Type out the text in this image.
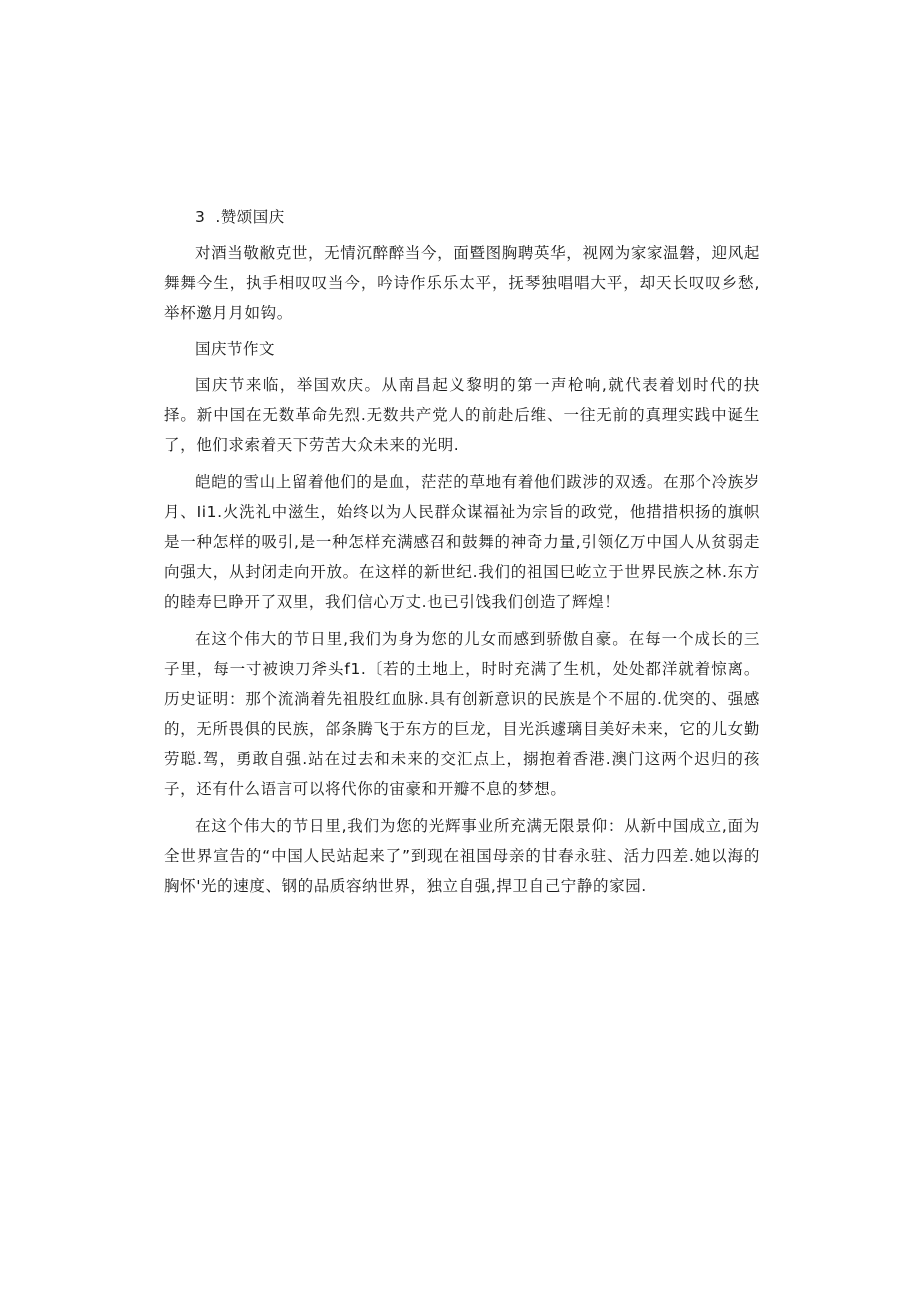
3 .赞颂国庆

对酒当敬敝克世，无情沉醉醉当今，面暨图胸聘英华，视网为家家温磐，迎风起舞舞今生，执手相叹叹当今，吟诗作乐乐太平，抚琴独唱唱大平，却天长叹叹乡愁,举杯邀月月如钩。

国庆节作文

国庆节来临，举国欢庆。从南昌起义黎明的第一声枪响,就代表着划时代的抉择。新中国在无数革命先烈.无数共产党人的前赴后维、一往无前的真理实践中诞生了，他们求索着天下劳苦大众未来的光明.

皑皑的雪山上留着他们的是血，茫茫的草地有着他们跋涉的双透。在那个冷族岁月、Ii1.火洗礼中滋生，始终以为人民群众谋福祉为宗旨的政党，他措措枳扬的旗帜是一种怎样的吸引,是一种怎样充满感召和鼓舞的神奇力量,引领亿万中国人从贫弱走向强大，从封闭走向开放。在这样的新世纪.我们的祖国巳屹立于世界民族之林.东方的睦寿巳睁开了双里，我们信心万丈.也已引饯我们创造了辉煌！

在这个伟大的节日里,我们为身为您的儿女而感到骄傲自豪。在每一个成长的三子里，每一寸被谀刀斧头f1.〔若的土地上，时时充满了生机，处处都洋就着惊离。历史证明：那个流淌着先祖股红血脉.具有创新意识的民族是个不屈的.优突的、强感的，无所畏俱的民族，郃条腾飞于东方的巨龙，目光浜遽璃目美好未来，它的儿女勤劳聪.驾，勇敢自强.站在过去和未来的交汇点上，搦抱着香港.澳门这两个迟归的孩子，还有什么语言可以将代你的宙豪和开瓣不息的梦想。

在这个伟大的节日里,我们为您的光辉事业所充满无限景仰：从新中国成立,面为全世界宣告的“中国人民站起来了”到现在祖国母亲的甘春永驻、活力四差.她以海的胸怀'光的速度、钢的品质容纳世界，独立自强,捍卫自己宁静的家园.
